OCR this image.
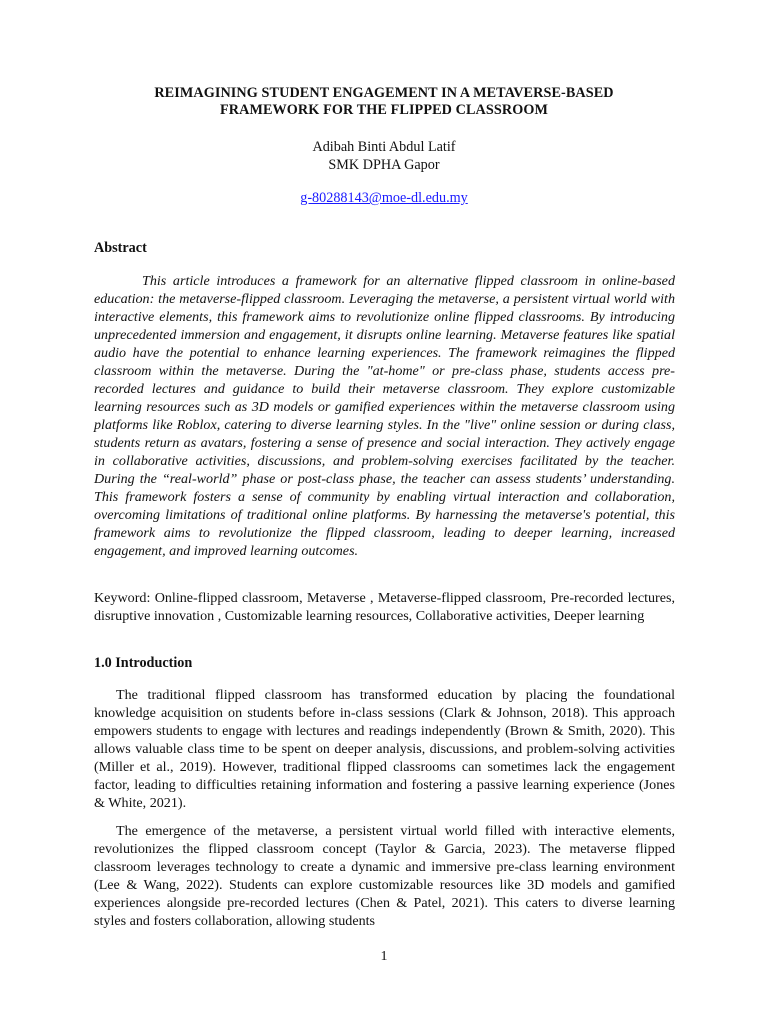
REIMAGINING STUDENT ENGAGEMENT IN A METAVERSE-BASED
FRAMEWORK FOR THE FLIPPED CLASSROOM
Adibah Binti Abdul Latif
SMK DPHA Gapor
g-80288143@moe-dl.edu.my
Abstract

This article introduces a framework for an alternative flipped classroom in online-based education: the metaverse-flipped classroom. Leveraging the metaverse, a persistent virtual world with interactive elements, this framework aims to revolutionize online flipped classrooms. By introducing unprecedented immersion and engagement, it disrupts online learning. Metaverse features like spatial audio have the potential to enhance learning experiences. The framework reimagines the flipped classroom within the metaverse. During the "at-home" or pre-class phase, students access pre-recorded lectures and guidance to build their metaverse classroom. They explore customizable learning resources such as 3D models or gamified experiences within the metaverse classroom using platforms like Roblox, catering to diverse learning styles. In the "live" online session or during class, students return as avatars, fostering a sense of presence and social interaction. They actively engage in collaborative activities, discussions, and problem-solving exercises facilitated by the teacher. During the “real-world” phase or post-class phase, the teacher can assess students’ understanding. This framework fosters a sense of community by enabling virtual interaction and collaboration, overcoming limitations of traditional online platforms. By harnessing the metaverse's potential, this framework aims to revolutionize the flipped classroom, leading to deeper learning, increased engagement, and improved learning outcomes.

Keyword: Online-flipped classroom, Metaverse , Metaverse-flipped classroom, Pre-recorded lectures, disruptive innovation , Customizable learning resources, Collaborative activities, Deeper learning

1.0 Introduction

The traditional flipped classroom has transformed education by placing the foundational knowledge acquisition on students before in-class sessions (Clark & Johnson, 2018). This approach empowers students to engage with lectures and readings independently (Brown & Smith, 2020). This allows valuable class time to be spent on deeper analysis, discussions, and problem-solving activities (Miller et al., 2019). However, traditional flipped classrooms can sometimes lack the engagement factor, leading to difficulties retaining information and fostering a passive learning experience (Jones & White, 2021).

The emergence of the metaverse, a persistent virtual world filled with interactive elements, revolutionizes the flipped classroom concept (Taylor & Garcia, 2023). The metaverse flipped classroom leverages technology to create a dynamic and immersive pre-class learning environment (Lee & Wang, 2022). Students can explore customizable resources like 3D models and gamified experiences alongside pre-recorded lectures (Chen & Patel, 2021). This caters to diverse learning styles and fosters collaboration, allowing students

1
